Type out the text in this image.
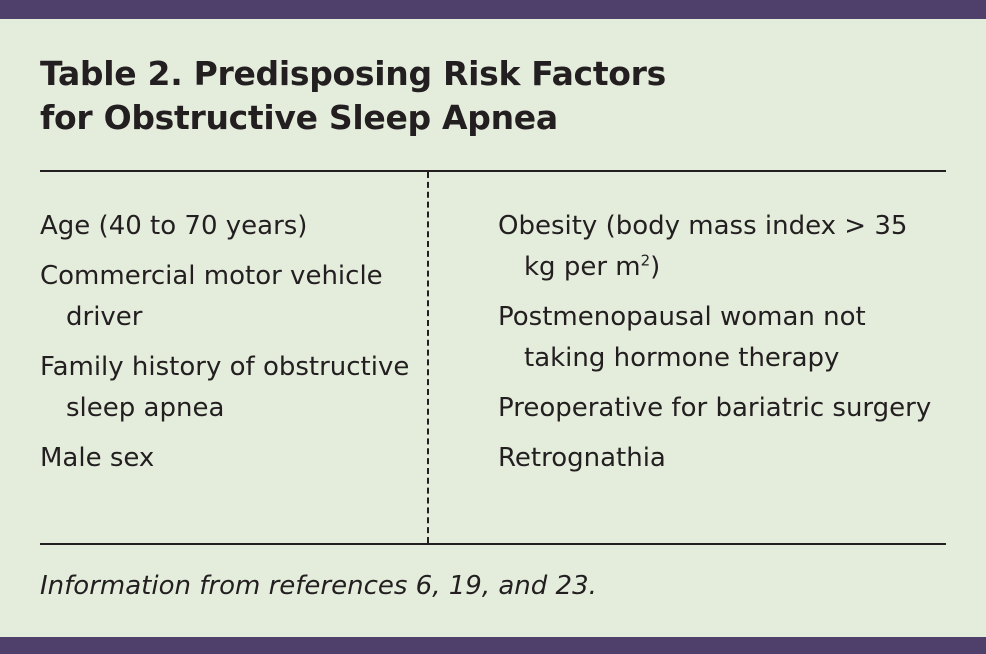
Table 2. Predisposing Risk Factors
for Obstructive Sleep Apnea
Age (40 to 70 years)
Commercial motor vehicle driver
Family history of obstructive sleep apnea
Male sex
Obesity (body mass index > 35 kg per $m^2$)
Postmenopausal woman not taking hormone therapy
Preoperative for bariatric surgery
Retrognathia
Information from references 6, 19, and 23.
